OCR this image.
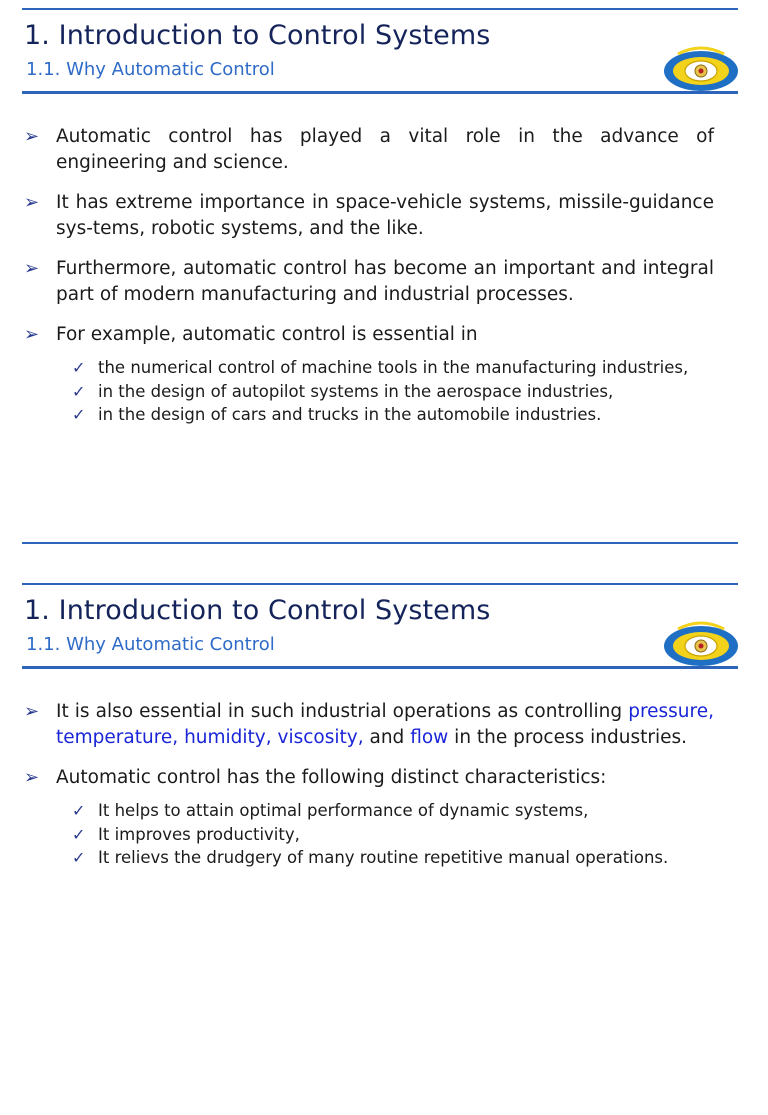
1. Introduction to Control Systems
1.1. Why Automatic Control
➢ Automatic control has played a vital role in the advance of engineering and science.
➢ It has extreme importance in space-vehicle systems, missile-guidance sys-tems, robotic systems, and the like.
➢ Furthermore, automatic control has become an important and integral part of modern manufacturing and industrial processes.
➢ For example, automatic control is essential in
✓ the numerical control of machine tools in the manufacturing industries,
✓ in the design of autopilot systems in the aerospace industries,
✓ in the design of cars and trucks in the automobile industries.
1. Introduction to Control Systems
1.1. Why Automatic Control
➢ It is also essential in such industrial operations as controlling pressure, temperature, humidity, viscosity, and flow in the process industries.
➢ Automatic control has the following distinct characteristics:
✓ It helps to attain optimal performance of dynamic systems,
✓ It improves productivity,
✓ It relievs the drudgery of many routine repetitive manual operations.
